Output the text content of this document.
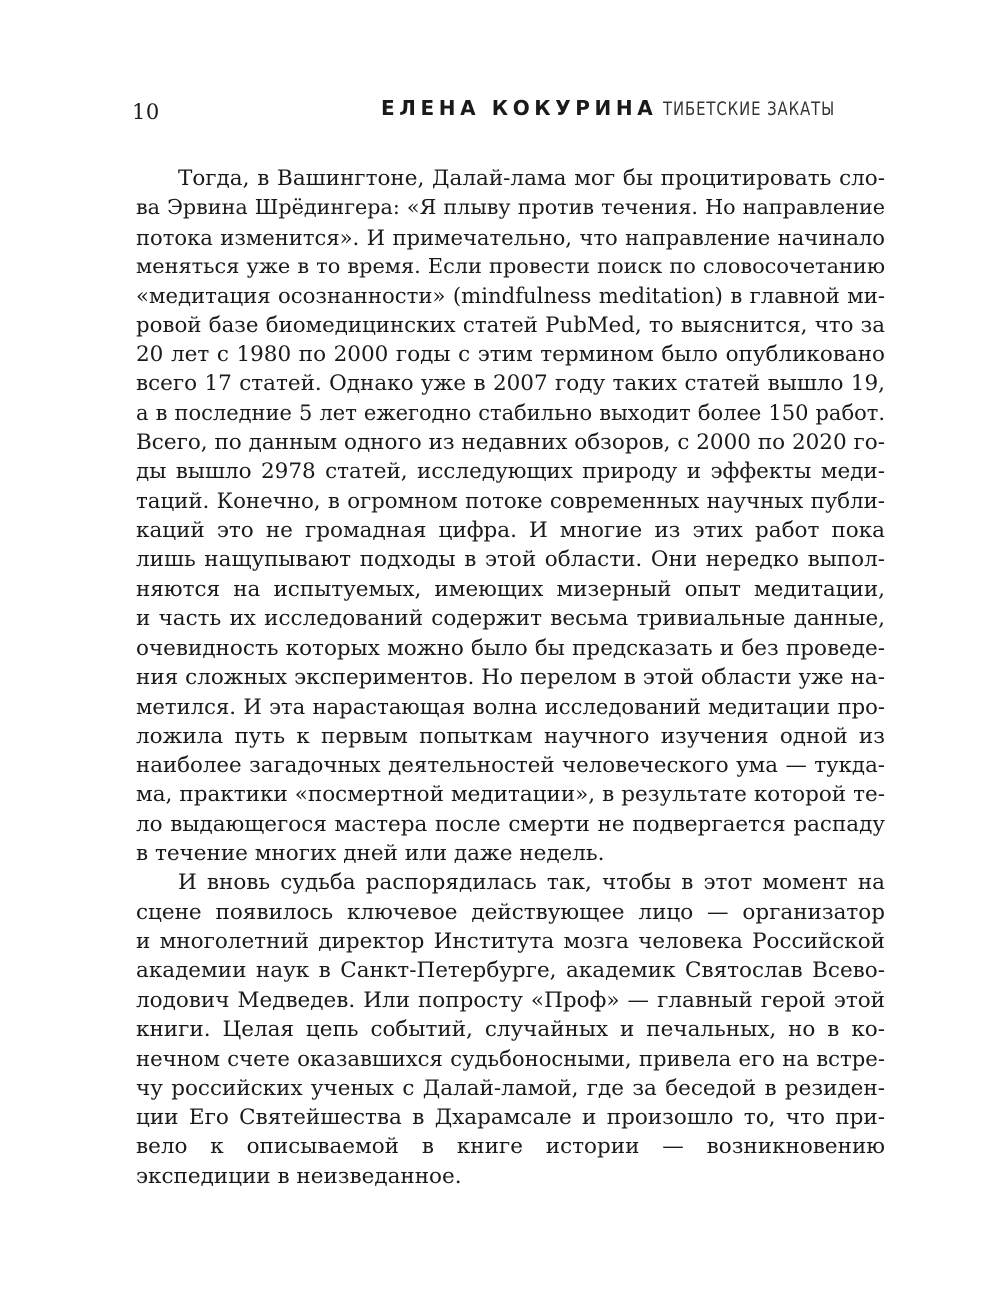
10	ЕЛЕНА КОКУРИНА ТИБЕТСКИЕ ЗАКАТЫ

Тогда, в Вашингтоне, Далай-лама мог бы процитировать сло-
ва Эрвина Шрёдингера: «Я плыву против течения. Но направление
потока изменится». И примечательно, что направление начинало
меняться уже в то время. Если провести поиск по словосочетанию
«медитация осознанности» (mindfulness meditation) в главной ми-
ровой базе биомедицинских статей PubMed, то выяснится, что за
20 лет с 1980 по 2000 годы с этим термином было опубликовано
всего 17 статей. Однако уже в 2007 году таких статей вышло 19,
а в последние 5 лет ежегодно стабильно выходит более 150 работ.
Всего, по данным одного из недавних обзоров, с 2000 по 2020 го-
ды вышло 2978 статей, исследующих природу и эффекты меди-
таций. Конечно, в огромном потоке современных научных публи-
каций это не громадная цифра. И многие из этих работ пока
лишь нащупывают подходы в этой области. Они нередко выпол-
няются на испытуемых, имеющих мизерный опыт медитации,
и часть их исследований содержит весьма тривиальные данные,
очевидность которых можно было бы предсказать и без проведе-
ния сложных экспериментов. Но перелом в этой области уже на-
метился. И эта нарастающая волна исследований медитации про-
ложила путь к первым попыткам научного изучения одной из
наиболее загадочных деятельностей человеческого ума — тукда-
ма, практики «посмертной медитации», в результате которой те-
ло выдающегося мастера после смерти не подвергается распаду
в течение многих дней или даже недель.

И вновь судьба распорядилась так, чтобы в этот момент на
сцене появилось ключевое действующее лицо — организатор
и многолетний директор Института мозга человека Российской
академии наук в Санкт-Петербурге, академик Святослав Всево-
лодович Медведев. Или попросту «Проф» — главный герой этой
книги. Целая цепь событий, случайных и печальных, но в ко-
нечном счете оказавшихся судьбоносными, привела его на встре-
чу российских ученых с Далай-ламой, где за беседой в резиден-
ции Его Святейшества в Дхарамсале и произошло то, что при-
вело к описываемой в книге истории — возникновению
экспедиции в неизведанное.
